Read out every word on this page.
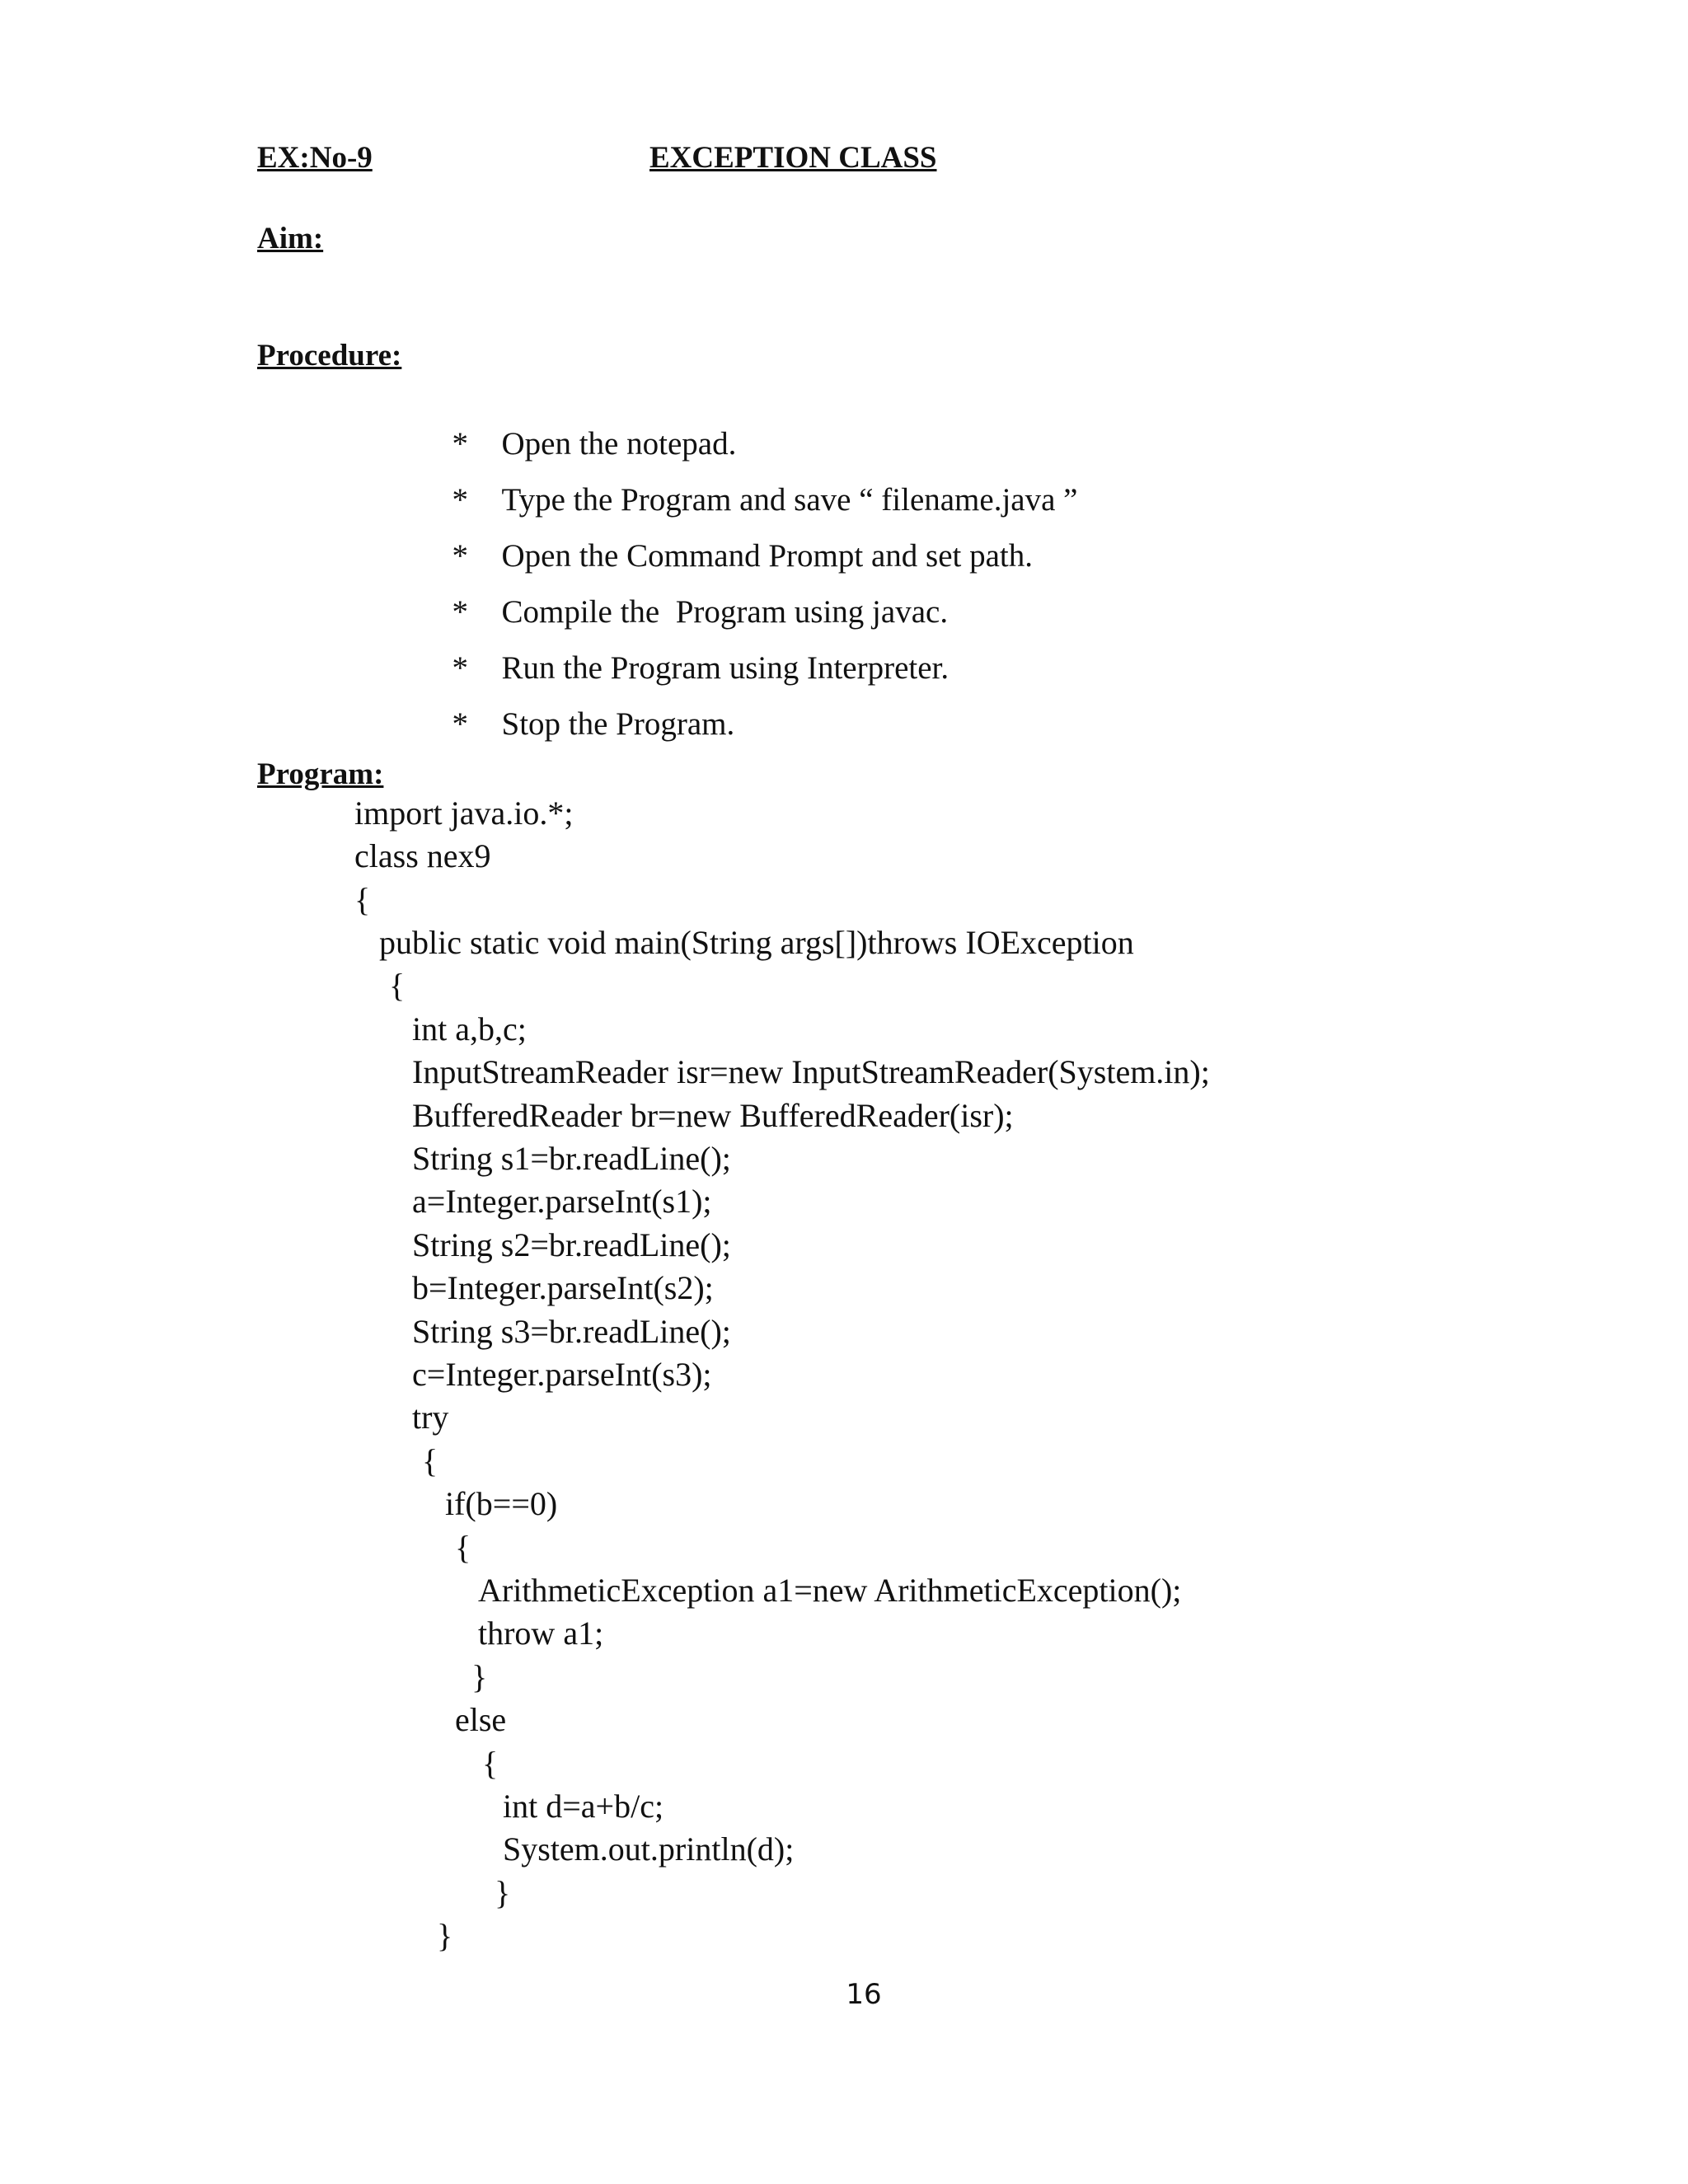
EX:No-9	EXCEPTION CLASS
Aim:
Procedure:

* Open the notepad.

* Type the Program and save “ filename.java ”

* Open the Command Prompt and set path.

* Compile the  Program using javac.

* Run the Program using Interpreter.

* Stop the Program.

Program:
import java.io.*;
class nex9
{
public static void main(String args[])throws IOException
{
int a,b,c;
InputStreamReader isr=new InputStreamReader(System.in);
BufferedReader br=new BufferedReader(isr);
String s1=br.readLine();
a=Integer.parseInt(s1);
String s2=br.readLine();
b=Integer.parseInt(s2);
String s3=br.readLine();
c=Integer.parseInt(s3);
try
{
if(b==0)
{
ArithmeticException a1=new ArithmeticException();
throw a1;
}
else
{
int d=a+b/c;
System.out.println(d);
}
}
16
